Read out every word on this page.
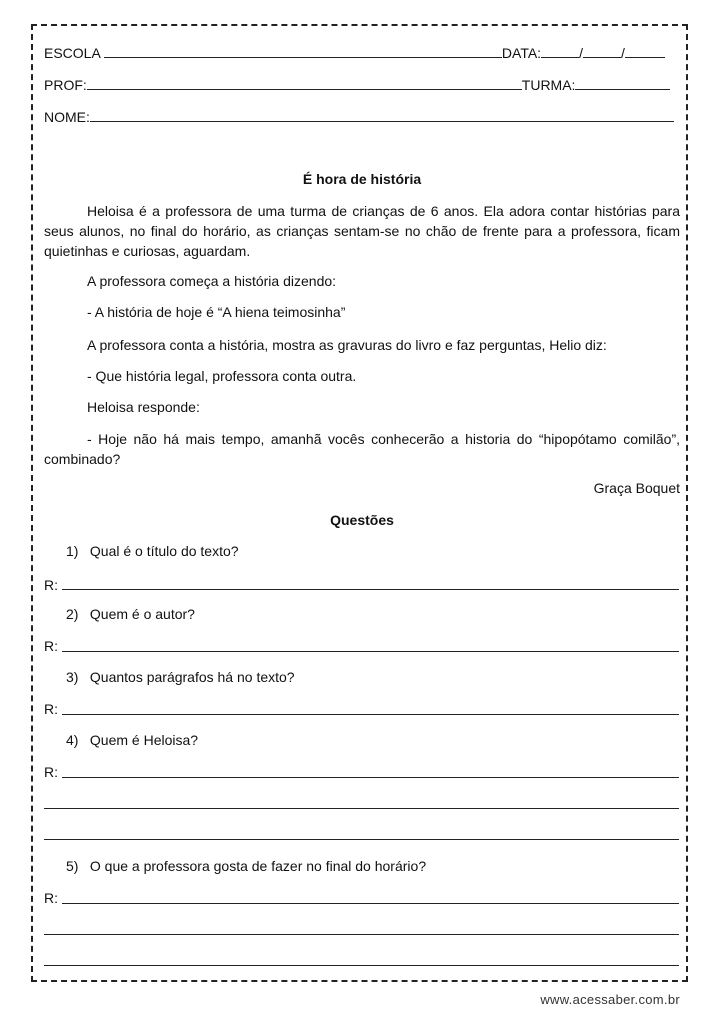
ESCOLA	DATA:	/	/
PROF:	TURMA:
NOME:
É hora de história
Heloisa é a professora de uma turma de crianças de 6 anos. Ela adora contar histórias para seus alunos, no final do horário, as crianças sentam-se no chão de frente para a professora, ficam quietinhas e curiosas, aguardam.
A professora começa a história dizendo:
- A história de hoje é “A hiena teimosinha”
A professora conta a história, mostra as gravuras do livro e faz perguntas, Helio diz:
- Que história legal, professora conta outra.
Heloisa responde:
- Hoje não há mais tempo, amanhã vocês conhecerão a historia do “hipopótamo comilão”, combinado?
Graça Boquet
Questões
1) Qual é o título do texto?
R:
2) Quem é o autor?
R:
3) Quantos parágrafos há no texto?
R:
4) Quem é Heloisa?
R:
5) O que a professora gosta de fazer no final do horário?
R:
www.acessaber.com.br
